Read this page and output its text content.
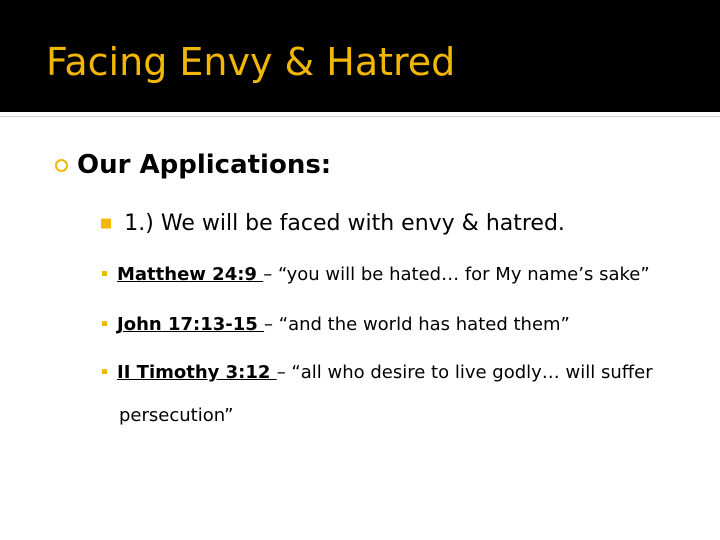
Facing Envy & Hatred
Our Applications:
■ 1.) We will be faced with envy & hatred.
Matthew 24:9 – “you will be hated… for My name’s sake”
John 17:13-15 – “and the world has hated them”
II Timothy 3:12 – “all who desire to live godly… will suffer
persecution”
